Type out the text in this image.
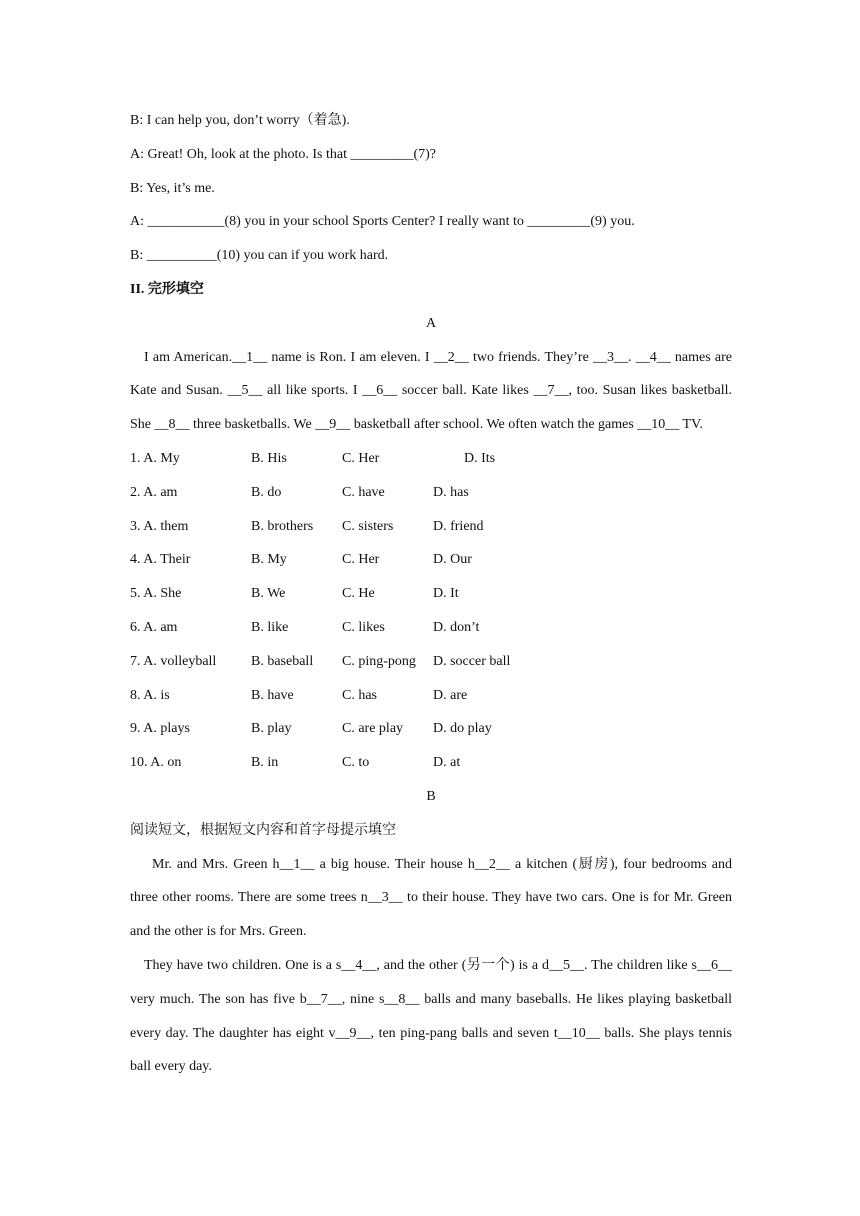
B: I can help you, don’t worry（着急).
A: Great! Oh, look at the photo. Is that _________(7)?
B: Yes, it’s me.
A: ___________(8) you in your school Sports Center? I really want to _________(9) you.
B: __________(10) you can if you work hard.
II. 完形填空
A
I am American.__1__ name is Ron. I am eleven. I __2__ two friends. They’re __3__. __4__ names are Kate and Susan. __5__ all like sports. I __6__ soccer ball. Kate likes __7__, too. Susan likes basketball. She __8__ three basketballs. We __9__ basketball after school. We often watch the games __10__ TV.
1. A. My	B. His	C. Her	D. Its
2. A. am	B. do	C. have	D. has
3. A. them	B. brothers C. sisters	D. friend
4. A. Their	B. My	C. Her	D. Our
5. A. She	B. We	C. He	D. It
6. A. am	B. like	C. likes	D. don’t
7. A. volleyball B. baseball C. ping-pong D. soccer ball
8. A. is	B. have	C. has	D. are
9. A. plays	B. play	C. are play D. do play
10. A. on	B. in	C. to	D. at
B
阅读短文，根据短文内容和首字母提示填空
Mr. and Mrs. Green h__1__ a big house. Their house h__2__ a kitchen (厨房), four bedrooms and three other rooms. There are some trees n__3__ to their house. They have two cars. One is for Mr. Green and the other is for Mrs. Green.
They have two children. One is a s__4__, and the other (另一个) is a d__5__. The children like s__6__ very much. The son has five b__7__, nine s__8__ balls and many baseballs. He likes playing basketball every day. The daughter has eight v__9__, ten ping-pang balls and seven t__10__ balls. She plays tennis ball every day.
